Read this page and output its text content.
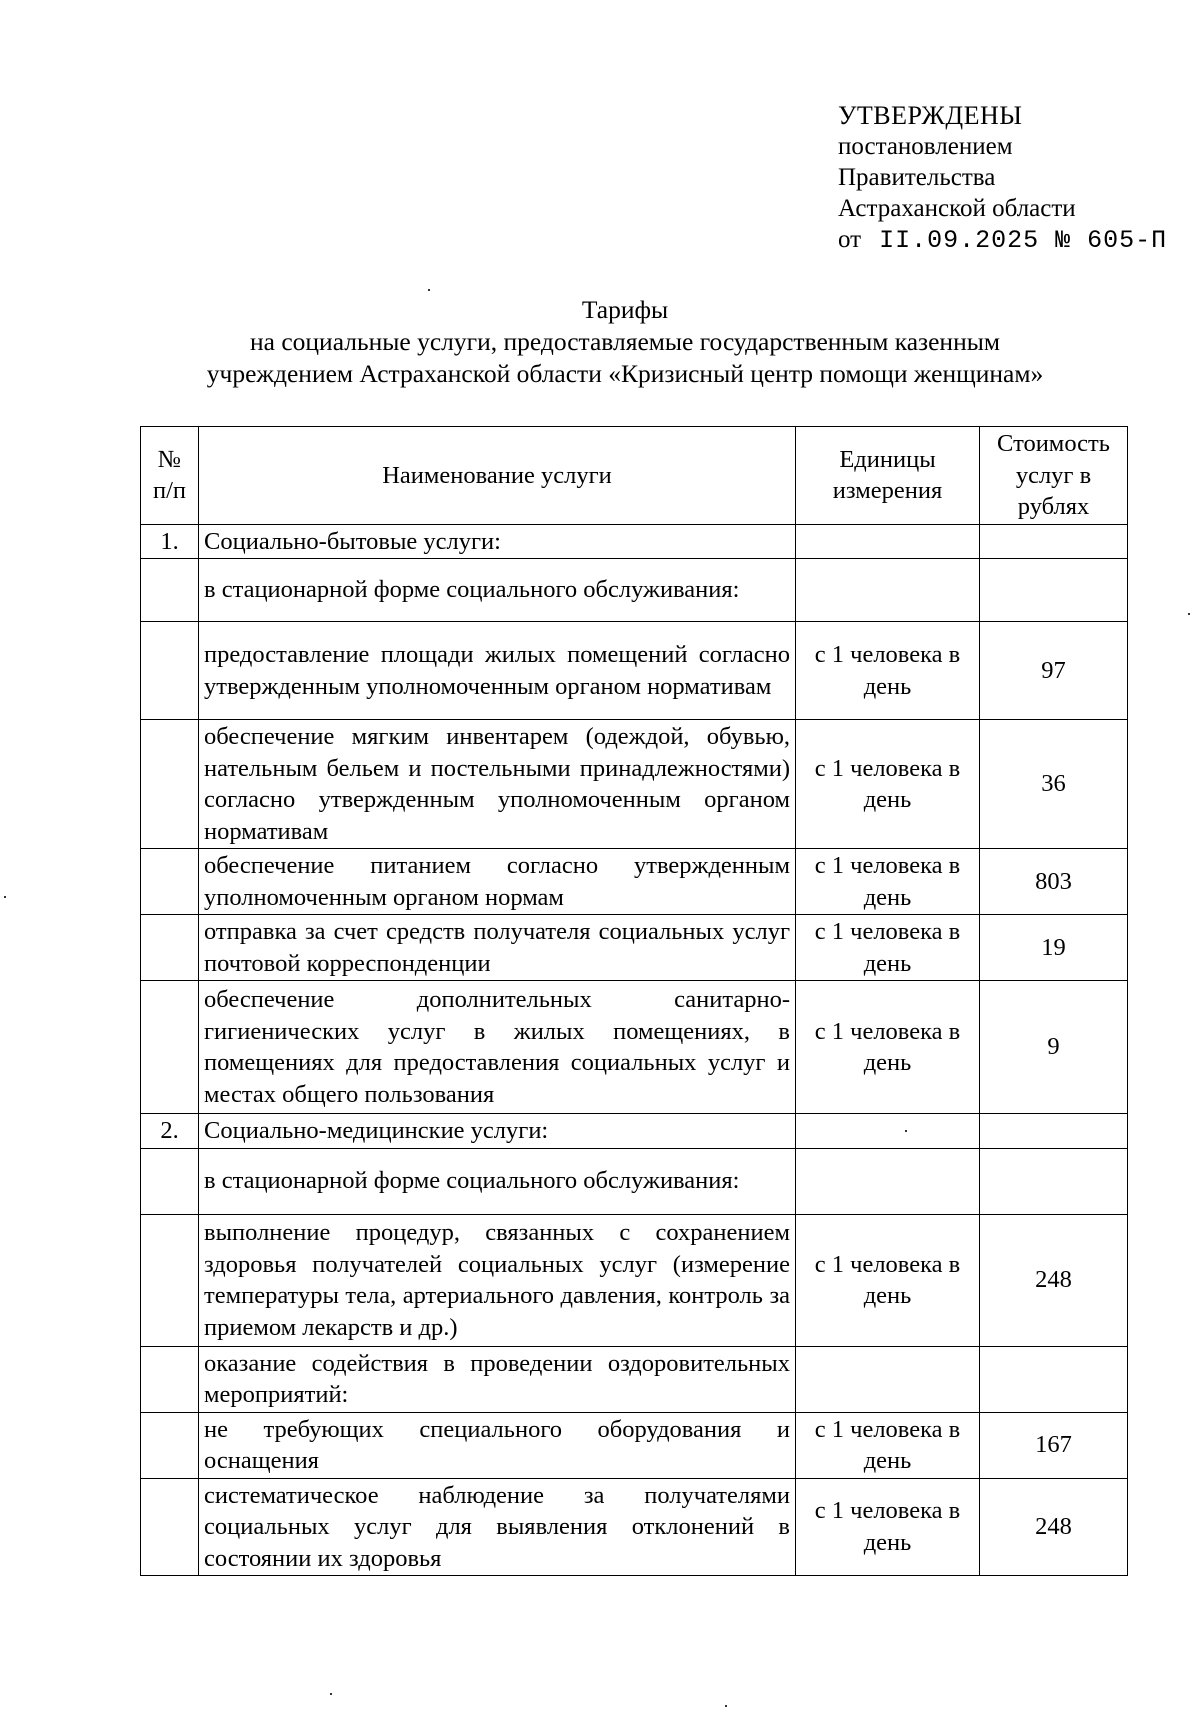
УТВЕРЖДЕНЫ
постановлением
Правительства
Астраханской области
от II.09.2025 № 605-П
Тарифы
на социальные услуги, предоставляемые государственным казенным
учреждением Астраханской области «Кризисный центр помощи женщинам»
№ п/п	Наименование услуги	Единицы измерения	Стоимость услуг в рублях
1.	Социально-бытовые услуги:		
	в стационарной форме социального обслуживания:		
	предоставление площади жилых помещений согласно утвержденным уполномоченным органом нормативам	с 1 человека в день	97
	обеспечение мягким инвентарем (одеждой, обувью, нательным бельем и постельными принадлежностями) согласно утвержденным уполномоченным органом нормативам	с 1 человека в день	36
	обеспечение питанием согласно утвержденным уполномоченным органом нормам	с 1 человека в день	803
	отправка за счет средств получателя социальных услуг почтовой корреспонденции	с 1 человека в день	19
	обеспечение дополнительных санитарно-гигиенических услуг в жилых помещениях, в помещениях для предоставления социальных услуг и местах общего пользования	с 1 человека в день	9
2.	Социально-медицинские услуги:		
	в стационарной форме социального обслуживания:		
	выполнение процедур, связанных с сохранением здоровья получателей социальных услуг (измерение температуры тела, артериального давления, контроль за приемом лекарств и др.)	с 1 человека в день	248
	оказание содействия в проведении оздоровительных мероприятий:		
	не требующих специального оборудования и оснащения	с 1 человека в день	167
	систематическое наблюдение за получателями социальных услуг для выявления отклонений в состоянии их здоровья	с 1 человека в день	248
